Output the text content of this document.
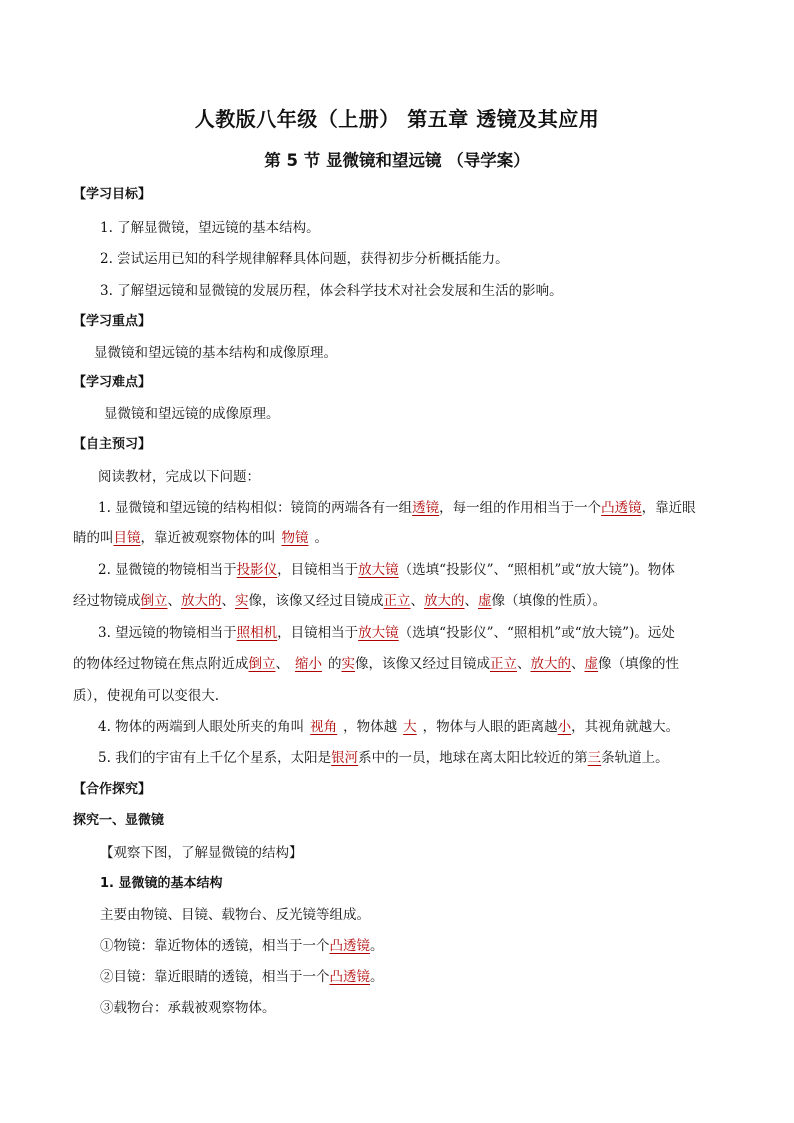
人教版八年级（上册） 第五章 透镜及其应用
第 5 节 显微镜和望远镜 （导学案）
【学习目标】
1. 了解显微镜，望远镜的基本结构。
2. 尝试运用已知的科学规律解释具体问题，获得初步分析概括能力。
3. 了解望远镜和显微镜的发展历程，体会科学技术对社会发展和生活的影响。
【学习重点】
显微镜和望远镜的基本结构和成像原理。
【学习难点】
显微镜和望远镜的成像原理。
【自主预习】
阅读教材，完成以下问题：
1. 显微镜和望远镜的结构相似：镜筒的两端各有一组透镜，每一组的作用相当于一个凸透镜，靠近眼
睛的叫目镜，靠近被观察物体的叫 物镜 。
2. 显微镜的物镜相当于投影仪，目镜相当于放大镜（选填“投影仪”、“照相机”或“放大镜”)。物体
经过物镜成倒立、放大的、实像，该像又经过目镜成正立、放大的、虚像（填像的性质）。
3. 望远镜的物镜相当于照相机，目镜相当于放大镜（选填“投影仪”、“照相机”或“放大镜”)。远处
的物体经过物镜在焦点附近成倒立、 缩小 的实像，该像又经过目镜成正立、放大的、虚像（填像的性
质），使视角可以变很大.
4. 物体的两端到人眼处所夹的角叫 视角 ，物体越 大 ，物体与人眼的距离越小，其视角就越大。
5. 我们的宇宙有上千亿个星系，太阳是银河系中的一员，地球在离太阳比较近的第三条轨道上。
【合作探究】
探究一、显微镜
【观察下图，了解显微镜的结构】
1. 显微镜的基本结构
主要由物镜、目镜、载物台、反光镜等组成。
①物镜：靠近物体的透镜，相当于一个凸透镜。
②目镜：靠近眼睛的透镜，相当于一个凸透镜。
③载物台：承载被观察物体。
